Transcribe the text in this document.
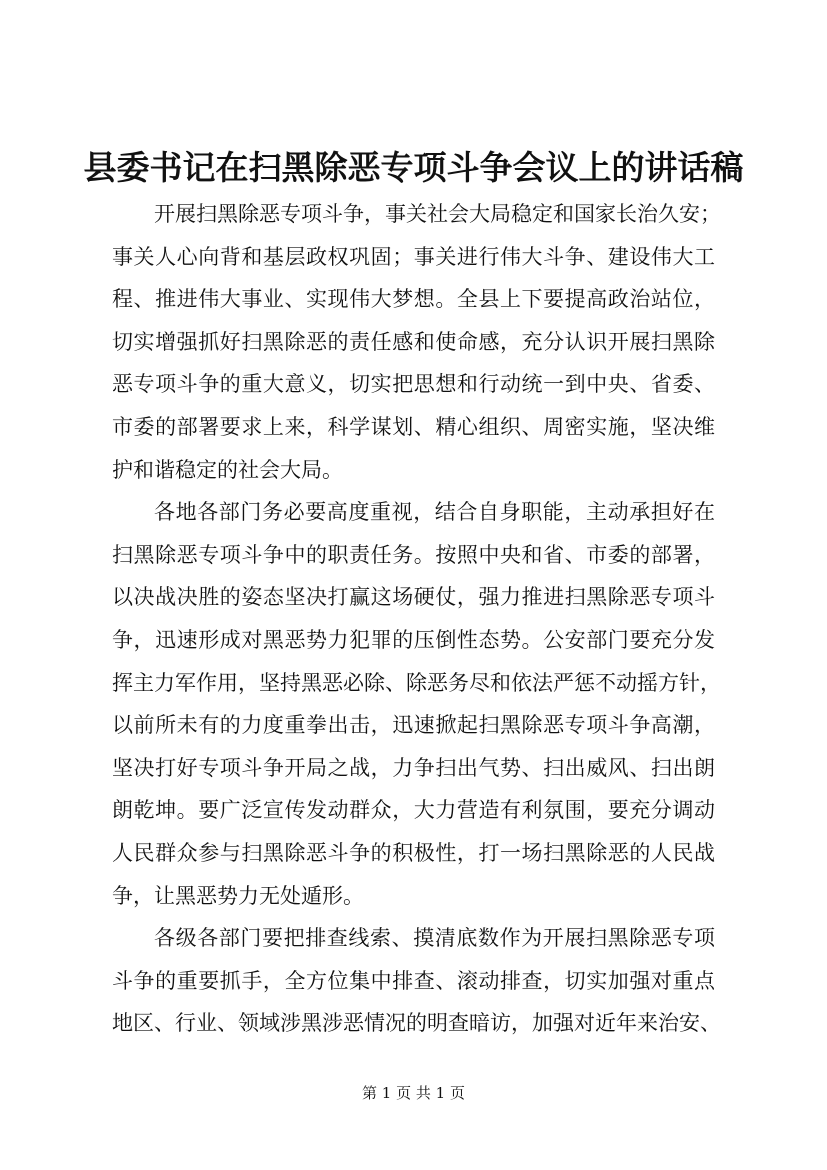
县委书记在扫黑除恶专项斗争会议上的讲话稿
开展扫黑除恶专项斗争，事关社会大局稳定和国家长治久安；
事关人心向背和基层政权巩固；事关进行伟大斗争、建设伟大工
程、推进伟大事业、实现伟大梦想。全县上下要提高政治站位，
切实增强抓好扫黑除恶的责任感和使命感，充分认识开展扫黑除
恶专项斗争的重大意义，切实把思想和行动统一到中央、省委、
市委的部署要求上来，科学谋划、精心组织、周密实施，坚决维
护和谐稳定的社会大局。
各地各部门务必要高度重视，结合自身职能，主动承担好在
扫黑除恶专项斗争中的职责任务。按照中央和省、市委的部署，
以决战决胜的姿态坚决打赢这场硬仗，强力推进扫黑除恶专项斗
争，迅速形成对黑恶势力犯罪的压倒性态势。公安部门要充分发
挥主力军作用，坚持黑恶必除、除恶务尽和依法严惩不动摇方针，
以前所未有的力度重拳出击，迅速掀起扫黑除恶专项斗争高潮，
坚决打好专项斗争开局之战，力争扫出气势、扫出威风、扫出朗
朗乾坤。要广泛宣传发动群众，大力营造有利氛围，要充分调动
人民群众参与扫黑除恶斗争的积极性，打一场扫黑除恶的人民战
争，让黑恶势力无处遁形。
各级各部门要把排查线索、摸清底数作为开展扫黑除恶专项
斗争的重要抓手，全方位集中排查、滚动排查，切实加强对重点
地区、行业、领域涉黑涉恶情况的明查暗访，加强对近年来治安、
第 1 页 共 1 页
